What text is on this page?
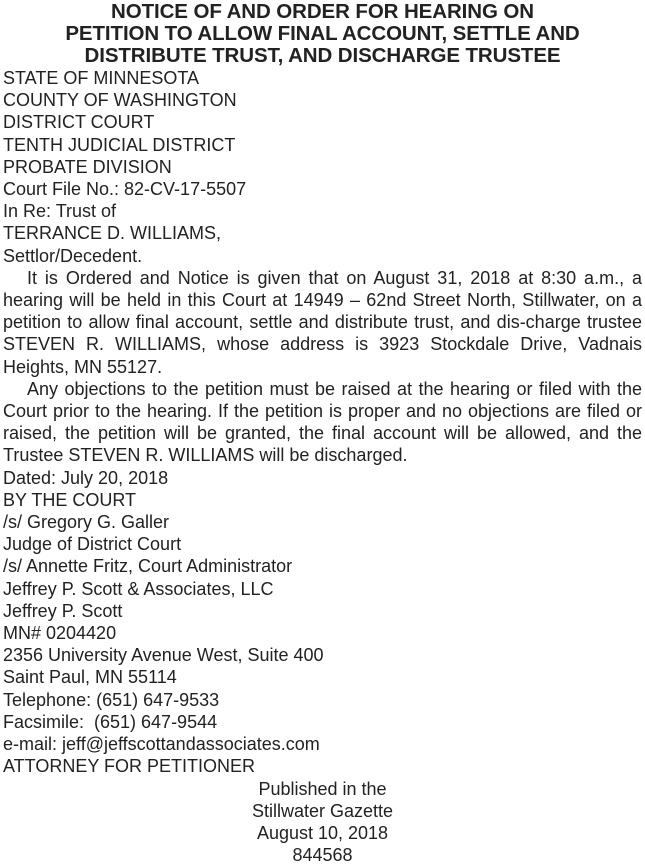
NOTICE OF AND ORDER FOR HEARING ON
PETITION TO ALLOW FINAL ACCOUNT, SETTLE AND
DISTRIBUTE TRUST, AND DISCHARGE TRUSTEE
STATE OF MINNESOTA
COUNTY OF WASHINGTON
DISTRICT COURT
TENTH JUDICIAL DISTRICT
PROBATE DIVISION
Court File No.: 82-CV-17-5507
In Re: Trust of
TERRANCE D. WILLIAMS,
Settlor/Decedent.

It is Ordered and Notice is given that on August 31, 2018 at 8:30 a.m., a hearing will be held in this Court at 14949 – 62nd Street North, Stillwater, on a petition to allow final account, settle and distribute trust, and dis-charge trustee STEVEN R. WILLIAMS, whose address is 3923 Stockdale Drive, Vadnais Heights, MN 55127.

Any objections to the petition must be raised at the hearing or filed with the Court prior to the hearing. If the petition is proper and no objections are filed or raised, the petition will be granted, the final account will be allowed, and the Trustee STEVEN R. WILLIAMS will be discharged.

Dated: July 20, 2018
BY THE COURT
/s/ Gregory G. Galler
Judge of District Court
/s/ Annette Fritz, Court Administrator
Jeffrey P. Scott & Associates, LLC
Jeffrey P. Scott
MN# 0204420
2356 University Avenue West, Suite 400
Saint Paul, MN 55114
Telephone: (651) 647-9533
Facsimile:  (651) 647-9544
e-mail: jeff@jeffscottandassociates.com
ATTORNEY FOR PETITIONER
Published in the
Stillwater Gazette
August 10, 2018
844568
